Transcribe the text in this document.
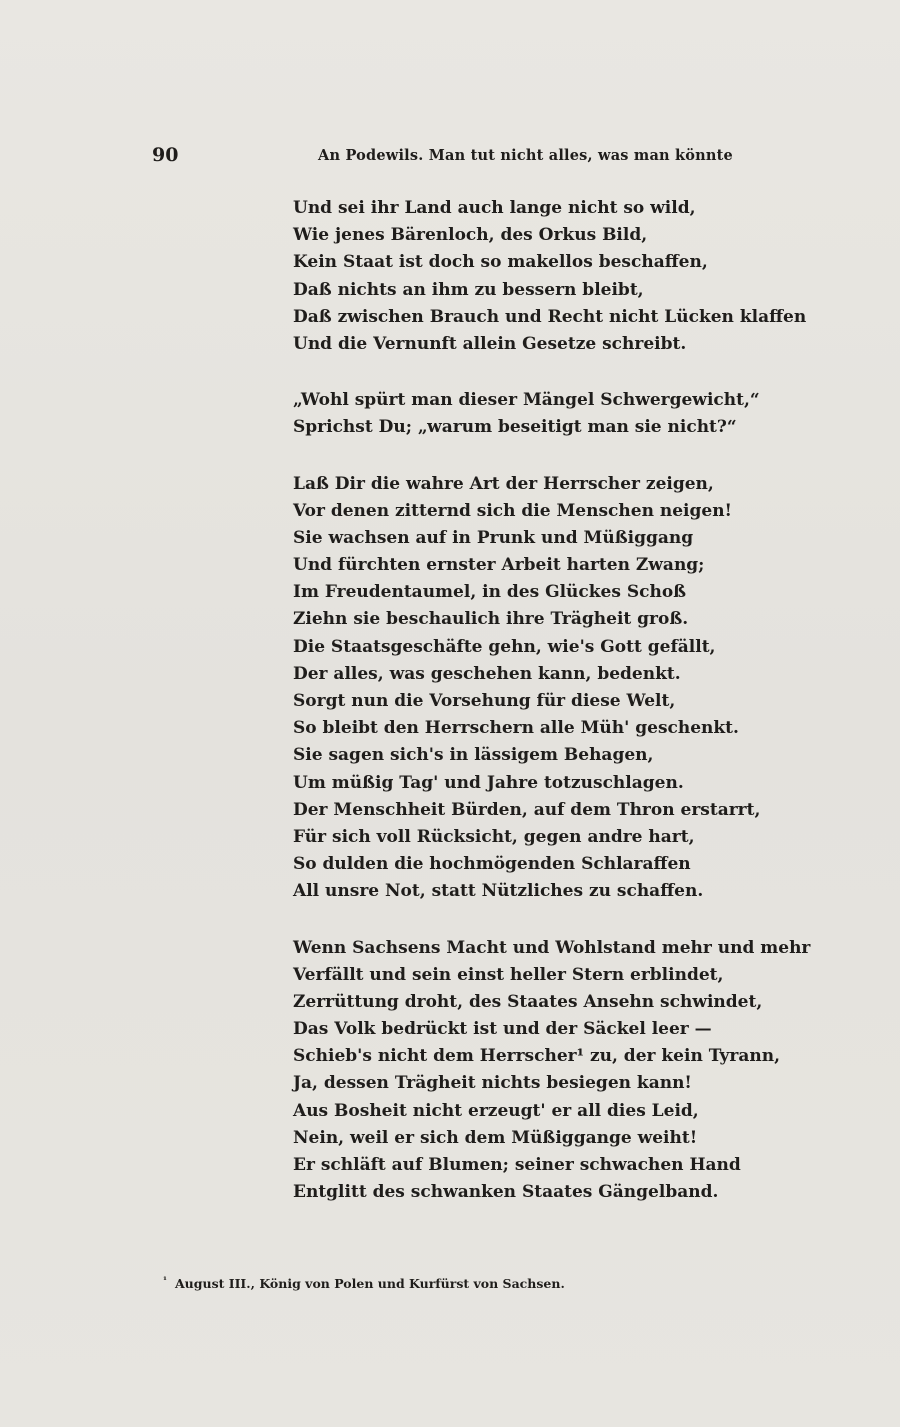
90	An Podewils. Man tut nicht alles, was man könnte
Und sei ihr Land auch lange nicht so wild,
Wie jenes Bärenloch, des Orkus Bild,
Kein Staat ist doch so makellos beschaffen,
Daß nichts an ihm zu bessern bleibt,
Daß zwischen Brauch und Recht nicht Lücken klaffen
Und die Vernunft allein Gesetze schreibt.
„Wohl spürt man dieser Mängel Schwergewicht,“
Sprichst Du; „warum beseitigt man sie nicht?“
Laß Dir die wahre Art der Herrscher zeigen,
Vor denen zitternd sich die Menschen neigen!
Sie wachsen auf in Prunk und Müßiggang
Und fürchten ernster Arbeit harten Zwang;
Im Freudentaumel, in des Glückes Schoß
Ziehn sie beschaulich ihre Trägheit groß.
Die Staatsgeschäfte gehn, wie's Gott gefällt,
Der alles, was geschehen kann, bedenkt.
Sorgt nun die Vorsehung für diese Welt,
So bleibt den Herrschern alle Müh' geschenkt.
Sie sagen sich's in lässigem Behagen,
Um müßig Tag' und Jahre totzuschlagen.
Der Menschheit Bürden, auf dem Thron erstarrt,
Für sich voll Rücksicht, gegen andre hart,
So dulden die hochmögenden Schlaraffen
All unsre Not, statt Nützliches zu schaffen.
Wenn Sachsens Macht und Wohlstand mehr und mehr
Verfällt und sein einst heller Stern erblindet,
Zerrüttung droht, des Staates Ansehn schwindet,
Das Volk bedrückt ist und der Säckel leer —
Schieb's nicht dem Herrscher¹ zu, der kein Tyrann,
Ja, dessen Trägheit nichts besiegen kann!
Aus Bosheit nicht erzeugt' er all dies Leid,
Nein, weil er sich dem Müßiggange weiht!
Er schläft auf Blumen; seiner schwachen Hand
Entglitt des schwanken Staates Gängelband.
$^{^1}$ August III., König von Polen und Kurfürst von Sachsen.
